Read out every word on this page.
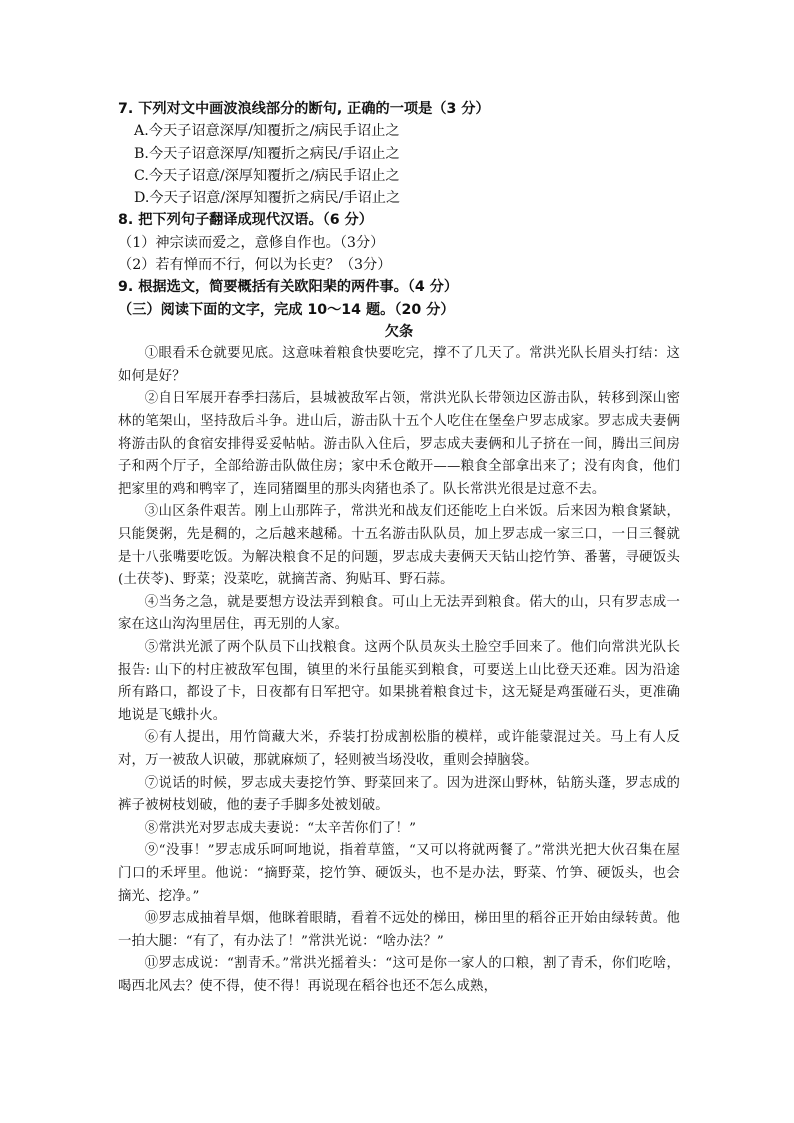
7. 下列对文中画波浪线部分的断句, 正确的一项是（3 分）
A.今天子诏意深厚/知覆折之/病民手诏止之
B.今天子诏意深厚/知覆折之病民/手诏止之
C.今天子诏意/深厚知覆折之/病民手诏止之
D.今天子诏意/深厚知覆折之病民/手诏止之
8. 把下列句子翻译成现代汉语。（6 分）
（1）神宗读而爱之，意修自作也。（3分）
（2）若有惮而不行，何以为长吏？（3分）
9. 根据选文，简要概括有关欧阳棐的两件事。（4 分）
（三）阅读下面的文字，完成 10～14 题。（20 分）
欠条

①眼看禾仓就要见底。这意味着粮食快要吃完，撑不了几天了。常洪光队长眉头打结：这如何是好？

②自日军展开春季扫荡后，县城被敌军占领，常洪光队长带领边区游击队，转移到深山密林的笔架山，坚持敌后斗争。进山后，游击队十五个人吃住在堡垒户罗志成家。罗志成夫妻俩将游击队的食宿安排得妥妥帖帖。游击队入住后，罗志成夫妻俩和儿子挤在一间，腾出三间房子和两个厅子，全部给游击队做住房；家中禾仓敞开——粮食全部拿出来了；没有肉食，他们把家里的鸡和鸭宰了，连同猪圈里的那头肉猪也杀了。队长常洪光很是过意不去。

③山区条件艰苦。刚上山那阵子，常洪光和战友们还能吃上白米饭。后来因为粮食紧缺，只能煲粥，先是稠的，之后越来越稀。十五名游击队队员，加上罗志成一家三口，一日三餐就是十八张嘴要吃饭。为解决粮食不足的问题，罗志成夫妻俩天天钻山挖竹笋、番薯，寻硬饭头(土茯苓)、野菜；没菜吃，就摘苦斋、狗贴耳、野石蒜。

④当务之急，就是要想方设法弄到粮食。可山上无法弄到粮食。偌大的山，只有罗志成一家在这山沟沟里居住，再无别的人家。

⑤常洪光派了两个队员下山找粮食。这两个队员灰头土脸空手回来了。他们向常洪光队长报告: 山下的村庄被敌军包围，镇里的米行虽能买到粮食，可要送上山比登天还难。因为沿途所有路口，都设了卡，日夜都有日军把守。如果挑着粮食过卡，这无疑是鸡蛋碰石头，更准确地说是飞蛾扑火。

⑥有人提出，用竹筒藏大米，乔装打扮成割松脂的模样，或许能蒙混过关。马上有人反对，万一被敌人识破，那就麻烦了，轻则被当场没收，重则会掉脑袋。

⑦说话的时候，罗志成夫妻挖竹笋、野菜回来了。因为进深山野林，钻筋头蓬，罗志成的裤子被树枝划破，他的妻子手脚多处被划破。

⑧常洪光对罗志成夫妻说：“太辛苦你们了！”

⑨“没事！”罗志成乐呵呵地说，指着草篮，“又可以将就两餐了。”常洪光把大伙召集在屋门口的禾坪里。他说：“摘野菜，挖竹笋、硬饭头，也不是办法，野菜、竹笋、硬饭头，也会摘光、挖净。”

⑩罗志成抽着旱烟，他眯着眼睛，看着不远处的梯田，梯田里的稻谷正开始由绿转黄。他一拍大腿：“有了，有办法了！”常洪光说：“啥办法？”

⑪罗志成说：“割青禾。”常洪光摇着头：“这可是你一家人的口粮，割了青禾，你们吃啥，喝西北风去？使不得，使不得！再说现在稻谷也还不怎么成熟，
